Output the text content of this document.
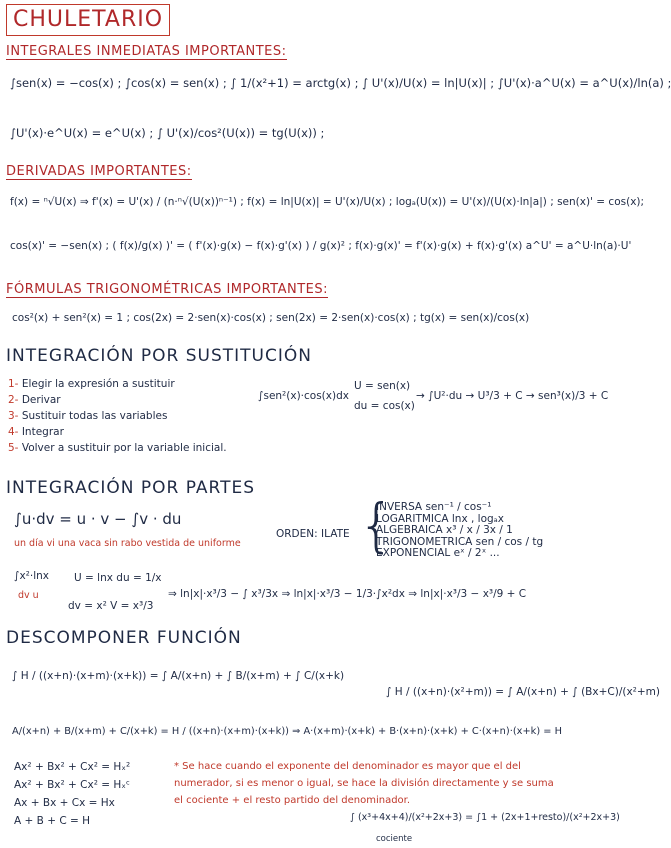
CHULETARIO
INTEGRALES INMEDIATAS IMPORTANTES:
∫sen(x) = −cos(x) ; ∫cos(x) = sen(x) ; ∫ 1/(x²+1) = arctg(x) ; ∫ U'(x)/U(x) = ln|U(x)| ; ∫U'(x)·a^U(x) = a^U(x)/ln(a) ;
∫U'(x)·e^U(x) = e^U(x) ; ∫ U'(x)/cos²(U(x)) = tg(U(x)) ;
DERIVADAS IMPORTANTES:
f(x) = ⁿ√U(x) ⇒ f'(x) = U'(x) / (n·ⁿ√(U(x))ⁿ⁻¹) ; f(x) = ln|U(x)| = U'(x)/U(x) ; logₐ(U(x)) = U'(x)/(U(x)·ln|a|) ; sen(x)' = cos(x);
cos(x)' = −sen(x) ; ( f(x)/g(x) )' = ( f'(x)·g(x) − f(x)·g'(x) ) / g(x)² ; f(x)·g(x)' = f'(x)·g(x) + f(x)·g'(x) a^U' = a^U·ln(a)·U'
FÓRMULAS TRIGONOMÉTRICAS IMPORTANTES:
cos²(x) + sen²(x) = 1 ; cos(2x) = 2·sen(x)·cos(x) ; sen(2x) = 2·sen(x)·cos(x) ; tg(x) = sen(x)/cos(x)
INTEGRACIÓN POR SUSTITUCIÓN
1- Elegir la expresión a sustituir
2- Derivar
3- Sustituir todas las variables
4- Integrar
5- Volver a sustituir por la variable inicial.
∫sen²(x)·cos(x)dx
U = sen(x)
du = cos(x)
→ ∫U²·du → U³/3 + C → sen³(x)/3 + C
INTEGRACIÓN POR PARTES
∫u·dv = u · v − ∫v · du
un día vi una vaca sin rabo vestida de uniforme
ORDEN: ILATE {
INVERSA sen⁻¹ / cos⁻¹
LOGARITMICA lnx , logₐx
ALGEBRAICA x³ / x / 3x / 1
TRIGONOMETRICA sen / cos / tg
EXPONENCIAL eˣ / 2ˣ ...
∫x²·lnx
dv u
U = lnx du = 1/x
dv = x² V = x³/3
⇒ ln|x|·x³/3 − ∫ x³/3x ⇒ ln|x|·x³/3 − 1/3·∫x²dx ⇒ ln|x|·x³/3 − x³/9 + C
DESCOMPONER FUNCIÓN
∫ H / ((x+n)·(x+m)·(x+k)) = ∫ A/(x+n) + ∫ B/(x+m) + ∫ C/(x+k)
∫ H / ((x+n)·(x²+m)) = ∫ A/(x+n) + ∫ (Bx+C)/(x²+m)
A/(x+n) + B/(x+m) + C/(x+k) = H / ((x+n)·(x+m)·(x+k)) ⇒ A·(x+m)·(x+k) + B·(x+n)·(x+k) + C·(x+n)·(x+k) = H
Ax² + Bx² + Cx² = Hₓ²
Ax² + Bx² + Cx² = Hₓᶜ
Ax + Bx + Cx = Hx
A + B + C = H
* Se hace cuando el exponente del denominador es mayor que el del numerador, si es menor o igual, se hace la división directamente y se suma el cociente + el resto partido del denominador.
∫ (x³+4x+4)/(x²+2x+3) = ∫1 + (2x+1+resto)/(x²+2x+3)
cociente
